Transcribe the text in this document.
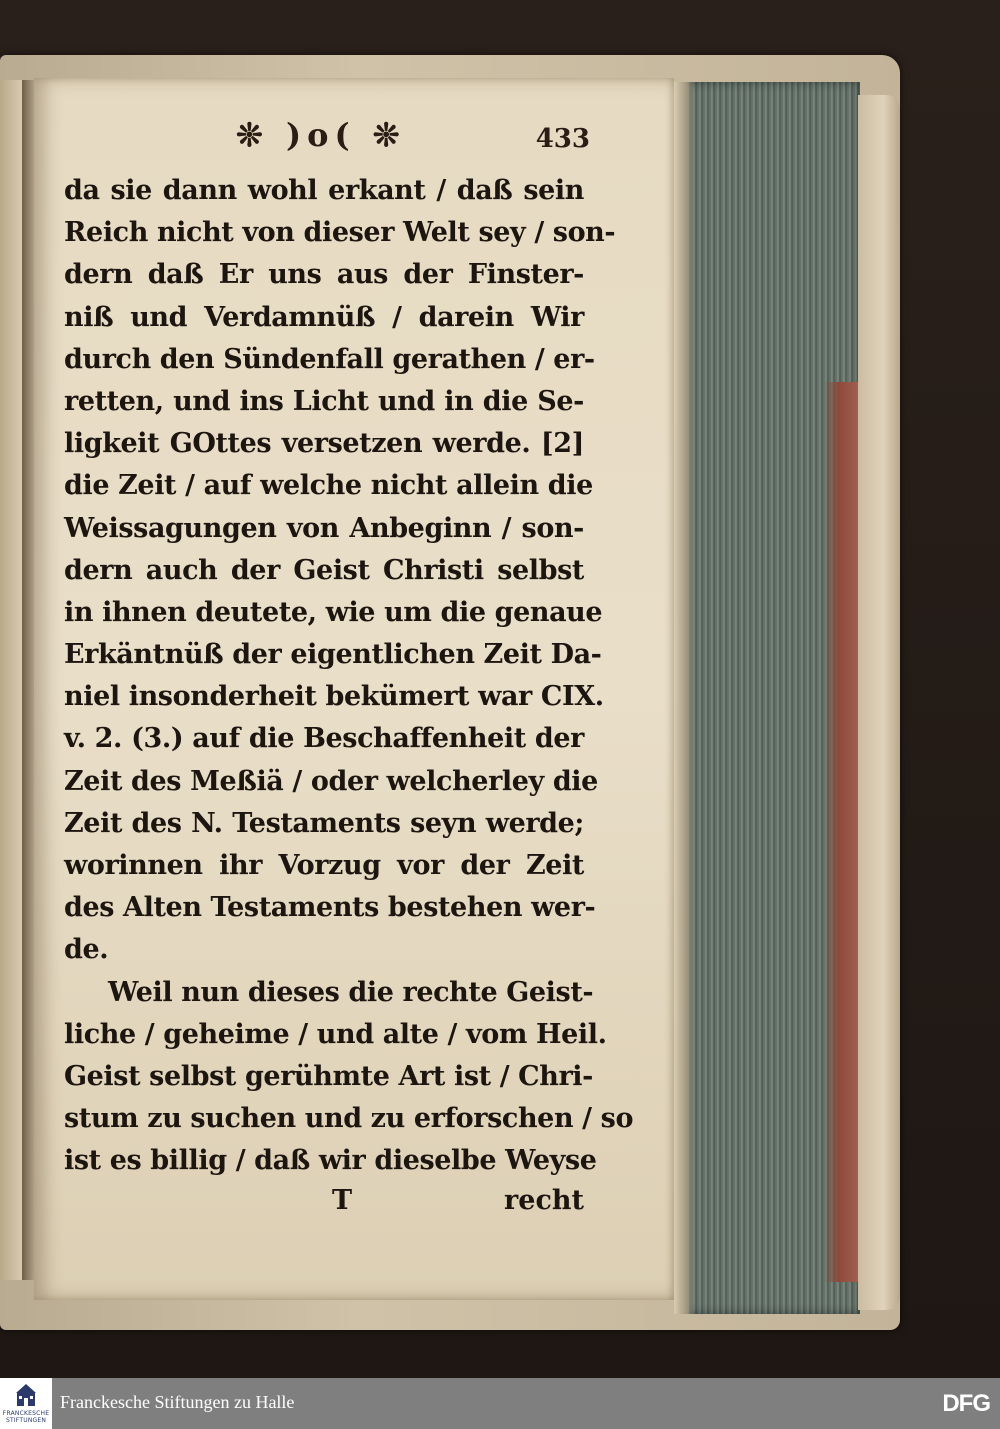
❊ )o( ❊	433
da sie dann wohl erkant / daß sein
Reich nicht von dieser Welt sey / son-
dern daß Er uns aus der Finster-
niß und Verdamnüß / darein Wir
durch den Sündenfall gerathen / er-
retten, und ins Licht und in die Se-
ligkeit GOttes versetzen werde. [2]
die Zeit / auf welche nicht allein die
Weissagungen von Anbeginn / son-
dern auch der Geist Christi selbst
in ihnen deutete, wie um die genaue
Erkäntnüß der eigentlichen Zeit Da-
niel insonderheit bekümert war CIX.
v. 2. (3.) auf die Beschaffenheit der
Zeit des Meßiä / oder welcherley die
Zeit des N. Testaments seyn werde;
worinnen ihr Vorzug vor der Zeit
des Alten Testaments bestehen wer-
de.
Weil nun dieses die rechte Geist-
liche / geheime / und alte / vom Heil.
Geist selbst gerühmte Art ist / Chri-
stum zu suchen und zu erforschen / so
ist es billig / daß wir dieselbe Weyse
T	recht
FRANCKESCHE STIFTUNGEN
Franckesche Stiftungen zu Halle	DFG
